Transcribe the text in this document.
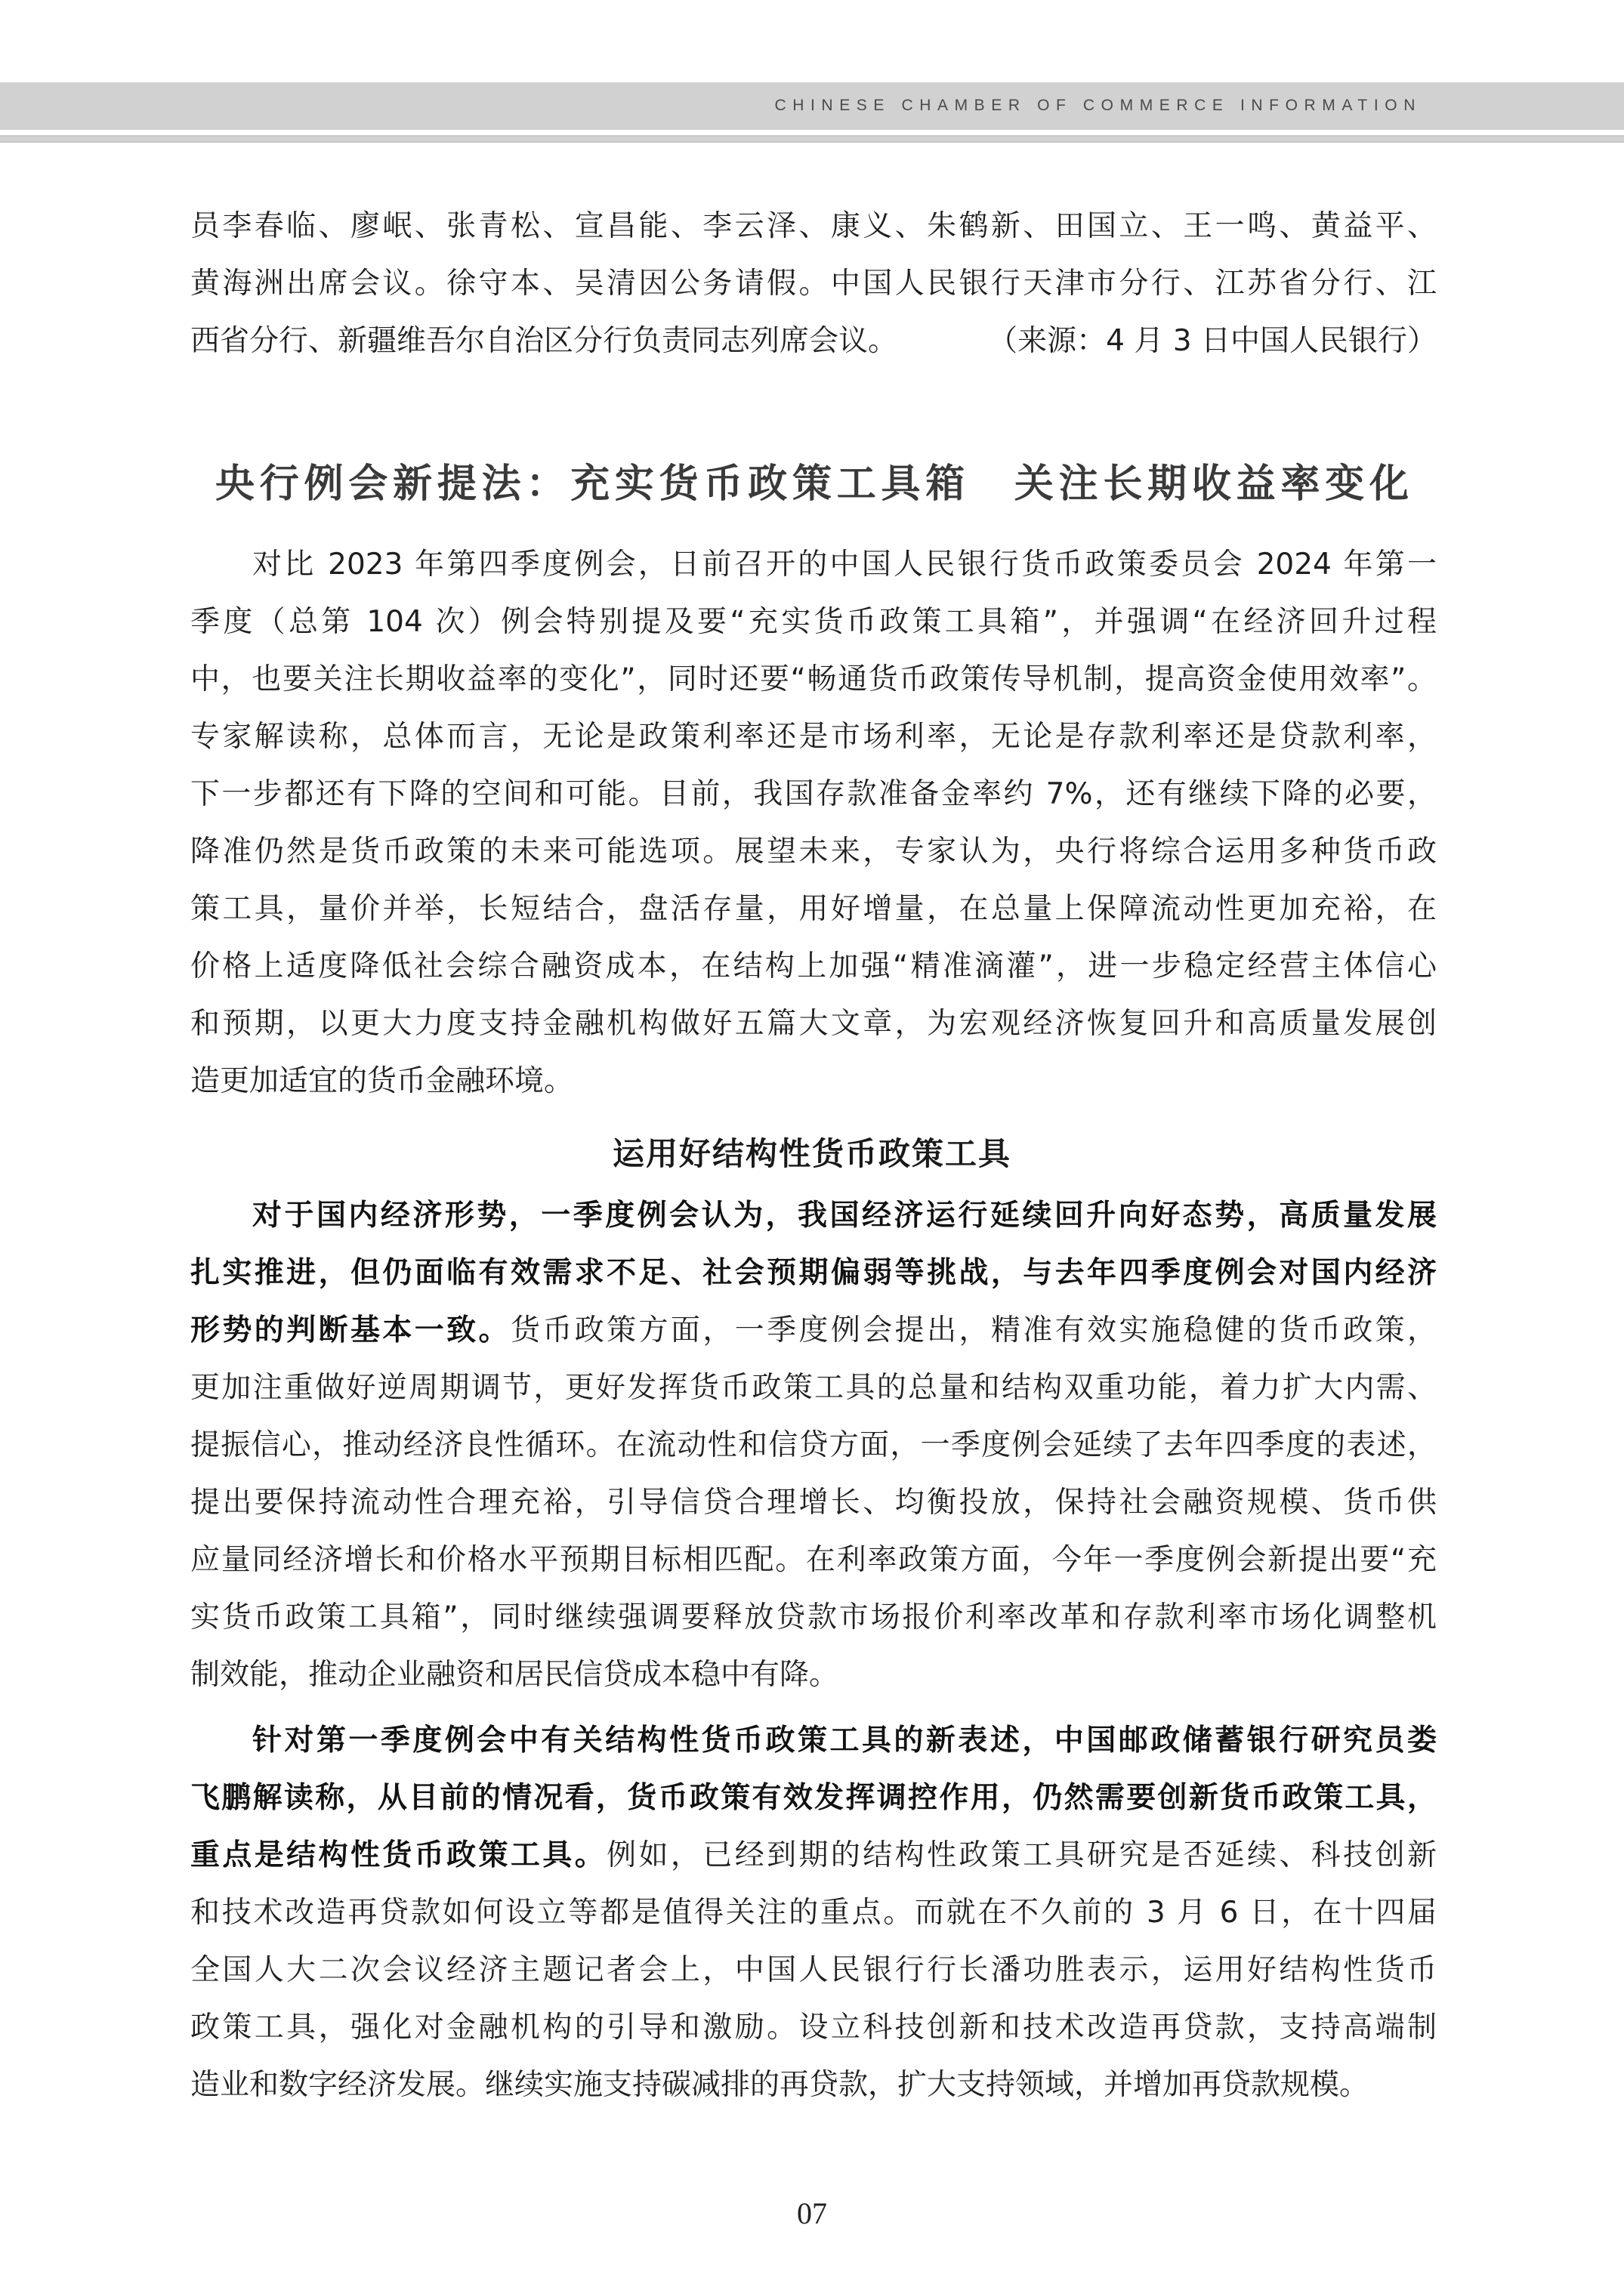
CHINESE CHAMBER OF COMMERCE INFORMATION
员李春临、廖岷、张青松、宣昌能、李云泽、康义、朱鹤新、田国立、王一鸣、黄益平、
黄海洲出席会议。徐守本、吴清因公务请假。中国人民银行天津市分行、江苏省分行、江
西省分行、新疆维吾尔自治区分行负责同志列席会议。	（来源：4 月 3 日中国人民银行）
央行例会新提法：充实货币政策工具箱　关注长期收益率变化
对比 2023 年第四季度例会，日前召开的中国人民银行货币政策委员会 2024 年第一
季度（总第 104 次）例会特别提及要“充实货币政策工具箱”，并强调“在经济回升过程
中，也要关注长期收益率的变化”，同时还要“畅通货币政策传导机制，提高资金使用效率”。
专家解读称，总体而言，无论是政策利率还是市场利率，无论是存款利率还是贷款利率，
下一步都还有下降的空间和可能。目前，我国存款准备金率约 7%，还有继续下降的必要，
降准仍然是货币政策的未来可能选项。展望未来，专家认为，央行将综合运用多种货币政
策工具，量价并举，长短结合，盘活存量，用好增量，在总量上保障流动性更加充裕，在
价格上适度降低社会综合融资成本，在结构上加强“精准滴灌”，进一步稳定经营主体信心
和预期，以更大力度支持金融机构做好五篇大文章，为宏观经济恢复回升和高质量发展创
造更加适宜的货币金融环境。
运用好结构性货币政策工具
对于国内经济形势，一季度例会认为，我国经济运行延续回升向好态势，高质量发展
扎实推进，但仍面临有效需求不足、社会预期偏弱等挑战，与去年四季度例会对国内经济
形势的判断基本一致。货币政策方面，一季度例会提出，精准有效实施稳健的货币政策，
更加注重做好逆周期调节，更好发挥货币政策工具的总量和结构双重功能，着力扩大内需、
提振信心，推动经济良性循环。在流动性和信贷方面，一季度例会延续了去年四季度的表述，
提出要保持流动性合理充裕，引导信贷合理增长、均衡投放，保持社会融资规模、货币供
应量同经济增长和价格水平预期目标相匹配。在利率政策方面，今年一季度例会新提出要“充
实货币政策工具箱”，同时继续强调要释放贷款市场报价利率改革和存款利率市场化调整机
制效能，推动企业融资和居民信贷成本稳中有降。
针对第一季度例会中有关结构性货币政策工具的新表述，中国邮政储蓄银行研究员娄
飞鹏解读称，从目前的情况看，货币政策有效发挥调控作用，仍然需要创新货币政策工具，
重点是结构性货币政策工具。例如，已经到期的结构性政策工具研究是否延续、科技创新
和技术改造再贷款如何设立等都是值得关注的重点。而就在不久前的 3 月 6 日，在十四届
全国人大二次会议经济主题记者会上，中国人民银行行长潘功胜表示，运用好结构性货币
政策工具，强化对金融机构的引导和激励。设立科技创新和技术改造再贷款，支持高端制
造业和数字经济发展。继续实施支持碳减排的再贷款，扩大支持领域，并增加再贷款规模。
07
